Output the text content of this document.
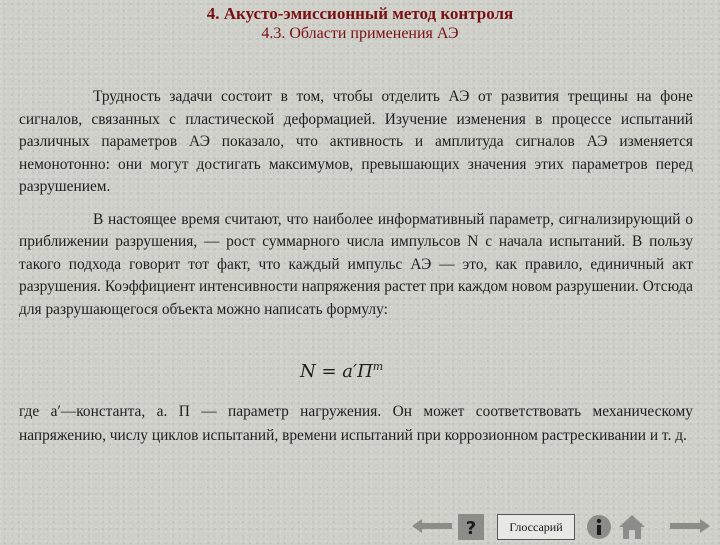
4. Акусто-эмиссионный метод контроля
4.3. Области применения АЭ

Трудность задачи состоит в том, чтобы отделить АЭ от развития трещины на фоне сигналов, связанных с пластической деформацией. Изучение изменения в процессе испытаний различных параметров АЭ показало, что активность и амплитуда сигналов АЭ изменяется немонотонно: они могут достигать максимумов, превышающих значения этих параметров перед разрушением.

В настоящее время считают, что наиболее информативный параметр, сигнализирующий о приближении разрушения, — рост суммарного числа импульсов N с начала испытаний. В пользу такого подхода говорит тот факт, что каждый импульс АЭ — это, как правило, единичный акт разрушения. Коэффициент интенсивности напряжения растет при каждом новом разрушении. Отсюда для разрушающегося объекта можно написать формулу:

$N = a'\Pi^m$

где a′—константа, a. П — параметр нагружения. Он может соответствовать механическому напряжению, числу циклов испытаний, времени испытаний при коррозионном растрескивании и т. д.

?	Глоссарий
